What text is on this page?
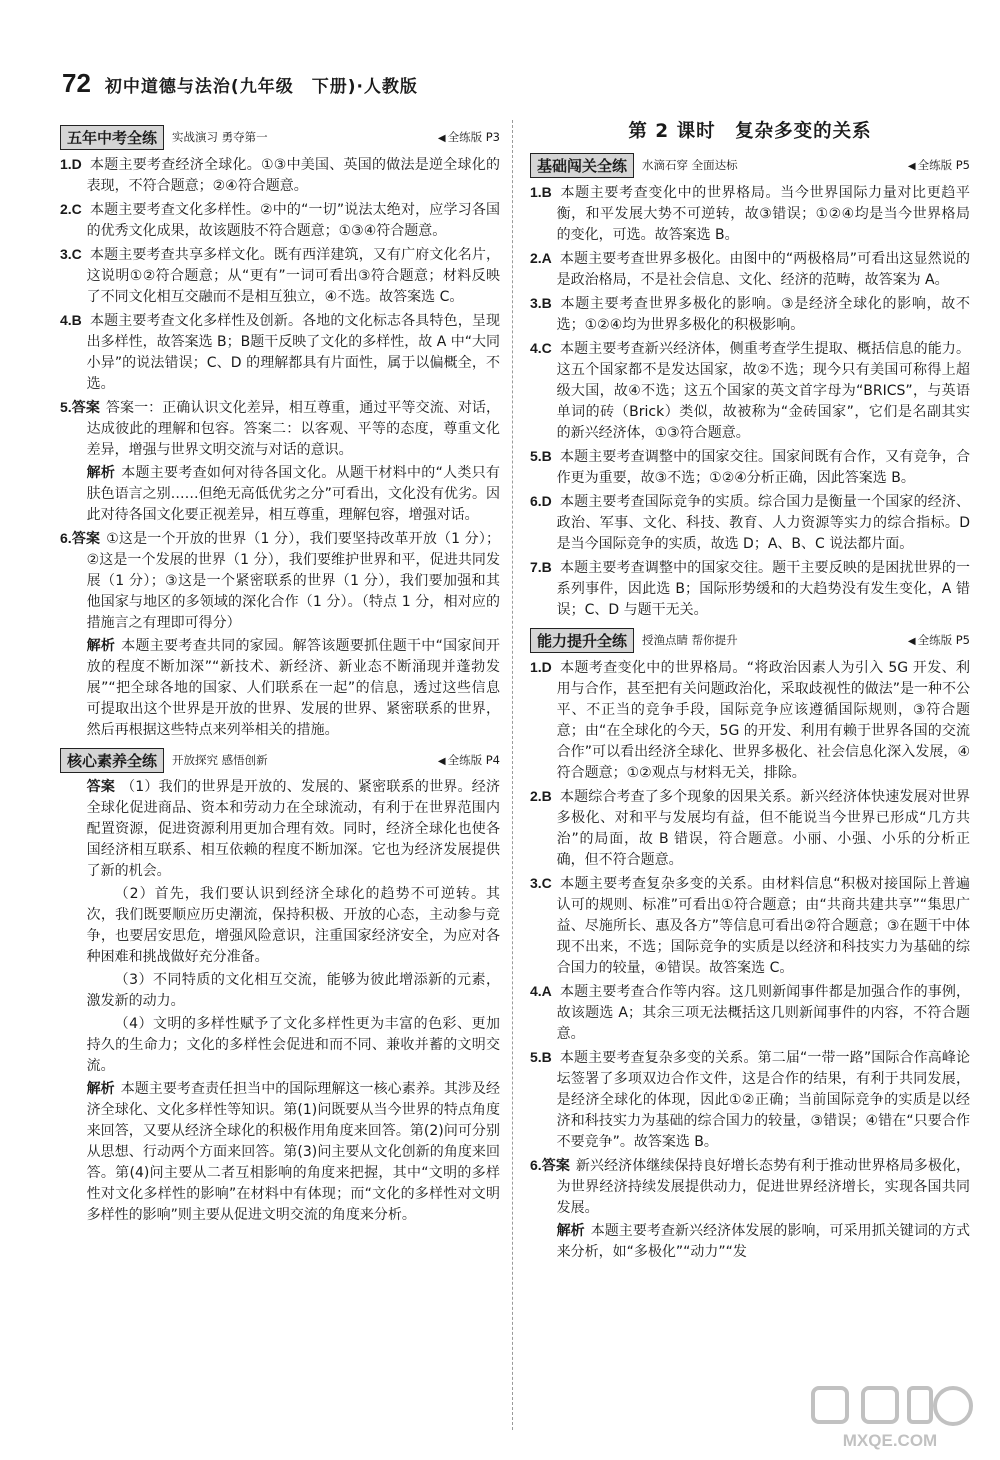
72 初中道德与法治(九年级　下册)·人教版
五年中考全练	实战演习 勇夺第一	◀ 全练版 P3

1.D 本题主要考查经济全球化。①③中美国、英国的做法是逆全球化的表现，不符合题意；②④符合题意。

2.C 本题主要考查文化多样性。②中的“一切”说法太绝对，应学习各国的优秀文化成果，故该题肢不符合题意；①③④符合题意。

3.C 本题主要考查共享多样文化。既有西洋建筑，又有广府文化名片，这说明①②符合题意；从“更有”一词可看出③符合题意；材料反映了不同文化相互交融而不是相互独立，④不选。故答案选 C。

4.B 本题主要考查文化多样性及创新。各地的文化标志各具特色，呈现出多样性，故答案选 B；B题干反映了文化的多样性，故 A 中“大同小异”的说法错误；C、D 的理解都具有片面性，属于以偏概全，不选。

5.答案 答案一：正确认识文化差异，相互尊重，通过平等交流、对话，达成彼此的理解和包容。答案二：以客观、平等的态度，尊重文化差异，增强与世界文明交流与对话的意识。

解析 本题主要考查如何对待各国文化。从题干材料中的“人类只有肤色语言之别……但绝无高低优劣之分”可看出，文化没有优劣。因此对待各国文化要正视差异，相互尊重，理解包容，增强对话。

6.答案 ①这是一个开放的世界（1 分），我们要坚持改革开放（1 分）；②这是一个发展的世界（1 分），我们要维护世界和平，促进共同发展（1 分）；③这是一个紧密联系的世界（1 分），我们要加强和其他国家与地区的多领域的深化合作（1 分）。（特点 1 分，相对应的措施言之有理即可得分）

解析 本题主要考查共同的家园。解答该题要抓住题干中“国家间开放的程度不断加深”“新技术、新经济、新业态不断涌现并蓬勃发展”“把全球各地的国家、人们联系在一起”的信息，透过这些信息可提取出这个世界是开放的世界、发展的世界、紧密联系的世界，然后再根据这些特点来列举相关的措施。

核心素养全练	开放探究 感悟创新	◀ 全练版 P4

答案 （1）我们的世界是开放的、发展的、紧密联系的世界。经济全球化促进商品、资本和劳动力在全球流动，有利于在世界范围内配置资源，促进资源利用更加合理有效。同时，经济全球化也使各国经济相互联系、相互依赖的程度不断加深。它也为经济发展提供了新的机会。

（2）首先，我们要认识到经济全球化的趋势不可逆转。其次，我们既要顺应历史潮流，保持积极、开放的心态，主动参与竞争，也要居安思危，增强风险意识，注重国家经济安全，为应对各种困难和挑战做好充分准备。

（3）不同特质的文化相互交流，能够为彼此增添新的元素，激发新的动力。

（4）文明的多样性赋予了文化多样性更为丰富的色彩、更加持久的生命力；文化的多样性会促进和而不同、兼收并蓄的文明交流。

解析 本题主要考查责任担当中的国际理解这一核心素养。其涉及经济全球化、文化多样性等知识。第(1)问既要从当今世界的特点角度来回答，又要从经济全球化的积极作用角度来回答。第(2)问可分别从思想、行动两个方面来回答。第(3)问主要从文化创新的角度来回答。第(4)问主要从二者互相影响的角度来把握，其中“文明的多样性对文化多样性的影响”在材料中有体现；而“文化的多样性对文明多样性的影响”则主要从促进文明交流的角度来分析。

第 2 课时　复杂多变的关系
基础闯关全练	水滴石穿 全面达标	◀ 全练版 P5

1.B 本题主要考查变化中的世界格局。当今世界国际力量对比更趋平衡，和平发展大势不可逆转，故③错误；①②④均是当今世界格局的变化，可选。故答案选 B。

2.A 本题主要考查世界多极化。由图中的“两极格局”可看出这显然说的是政治格局，不是社会信息、文化、经济的范畴，故答案为 A。

3.B 本题主要考查世界多极化的影响。③是经济全球化的影响，故不选；①②④均为世界多极化的积极影响。

4.C 本题主要考查新兴经济体，侧重考查学生提取、概括信息的能力。这五个国家都不是发达国家，故②不选；现今只有美国可称得上超级大国，故④不选；这五个国家的英文首字母为“BRICS”，与英语单词的砖（Brick）类似，故被称为“金砖国家”，它们是名副其实的新兴经济体，①③符合题意。

5.B 本题主要考查调整中的国家交往。国家间既有合作，又有竞争，合作更为重要，故③不选；①②④分析正确，因此答案选 B。

6.D 本题主要考查国际竞争的实质。综合国力是衡量一个国家的经济、政治、军事、文化、科技、教育、人力资源等实力的综合指标。D 是当今国际竞争的实质，故选 D；A、B、C 说法都片面。

7.B 本题主要考查调整中的国家交往。题干主要反映的是困扰世界的一系列事件，因此选 B；国际形势缓和的大趋势没有发生变化，A 错误；C、D 与题干无关。

能力提升全练	授渔点睛 帮你提升	◀ 全练版 P5

1.D 本题考查变化中的世界格局。“将政治因素人为引入 5G 开发、利用与合作，甚至把有关问题政治化，采取歧视性的做法”是一种不公平、不正当的竞争手段，国际竞争应该遵循国际规则，③符合题意；由“在全球化的今天，5G 的开发、利用有赖于世界各国的交流合作”可以看出经济全球化、世界多极化、社会信息化深入发展，④符合题意；①②观点与材料无关，排除。

2.B 本题综合考查了多个现象的因果关系。新兴经济体快速发展对世界多极化、对和平与发展均有益，但不能说当今世界已形成“几方共治”的局面，故 B 错误，符合题意。小丽、小强、小乐的分析正确，但不符合题意。

3.C 本题主要考查复杂多变的关系。由材料信息“积极对接国际上普遍认可的规则、标准”可看出①符合题意；由“共商共建共享”“集思广益、尽施所长、惠及各方”等信息可看出②符合题意；③在题干中体现不出来，不选；国际竞争的实质是以经济和科技实力为基础的综合国力的较量，④错误。故答案选 C。

4.A 本题主要考查合作等内容。这几则新闻事件都是加强合作的事例，故该题选 A；其余三项无法概括这几则新闻事件的内容，不符合题意。

5.B 本题主要考查复杂多变的关系。第二届“一带一路”国际合作高峰论坛签署了多项双边合作文件，这是合作的结果，有利于共同发展，是经济全球化的体现，因此①②正确；当前国际竞争的实质是以经济和科技实力为基础的综合国力的较量，③错误；④错在“只要合作不要竞争”。故答案选 B。

6.答案 新兴经济体继续保持良好增长态势有利于推动世界格局多极化，为世界经济持续发展提供动力，促进世界经济增长，实现各国共同发展。

解析 本题主要考查新兴经济体发展的影响，可采用抓关键词的方式来分析，如“多极化”“动力”“发

MXQE.COM
